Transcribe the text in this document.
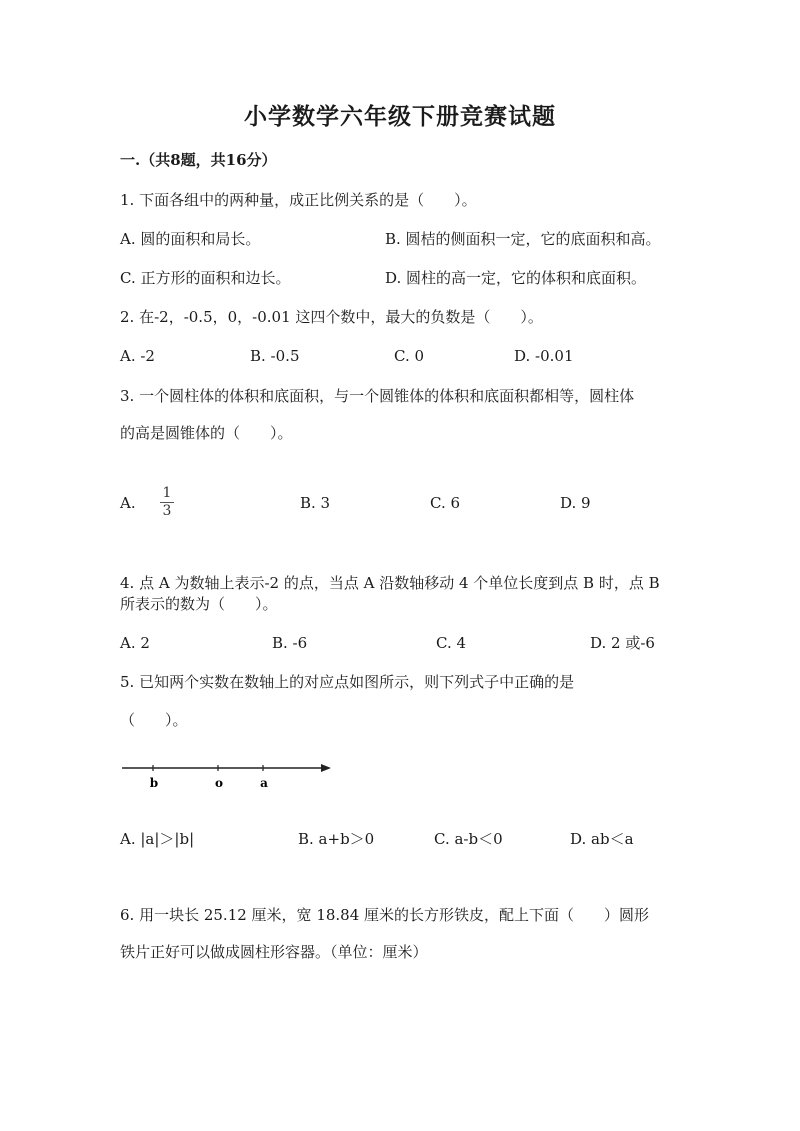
小学数学六年级下册竞赛试题
一.（共8题，共16分）
1. 下面各组中的两种量，成正比例关系的是（　　）。
A. 圆的面积和局长。	B. 圆桔的侧面积一定，它的底面积和高。
C. 正方形的面积和边长。	D. 圆柱的高一定，它的体积和底面积。
2. 在-2，-0.5，0，-0.01 这四个数中，最大的负数是（　　）。
A. -2	B. -0.5	C. 0	D. -0.01
3. 一个圆柱体的体积和底面积，与一个圆锥体的体积和底面积都相等，圆柱体
的高是圆锥体的（　　）。
A.
1
3	B. 3	C. 6	D. 9
4. 点 A 为数轴上表示-2 的点，当点 A 沿数轴移动 4 个单位长度到点 B 时，点 B
所表示的数为（　　）。
A. 2	B. -6	C. 4	D. 2 或-6
5. 已知两个实数在数轴上的对应点如图所示，则下列式子中正确的是
（　　）。
b	o	a
A. |a|＞|b|	B. a+b＞0	C. a-b＜0	D. ab＜a
6. 用一块长 25.12 厘米，宽 18.84 厘米的长方形铁皮，配上下面（　　）圆形
铁片正好可以做成圆柱形容器。（单位：厘米）
